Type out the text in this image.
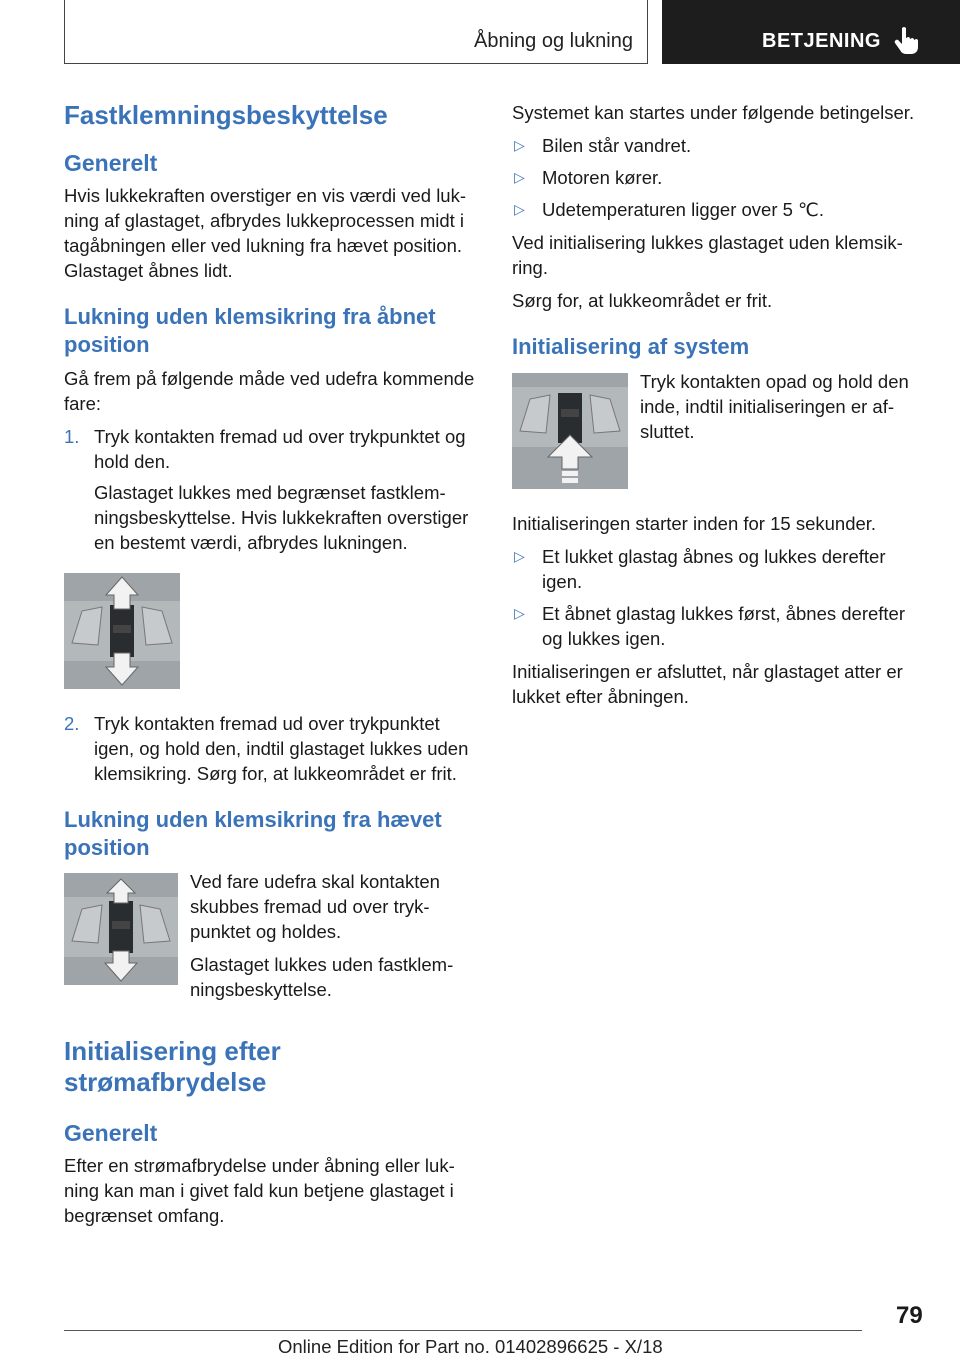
Åbning og lukning	BETJENING
Fastklemningsbeskyttelse
Generelt

Hvis lukkekraften overstiger en vis værdi ved lukning af glastaget, afbrydes lukkeprocessen midt i tagåbningen eller ved lukning fra hævet position. Glastaget åbnes lidt.

Lukning uden klemsikring fra åbnet position

Gå frem på følgende måde ved udefra kommende fare:

1. Tryk kontakten fremad ud over trykpunktet og hold den.
Glastaget lukkes med begrænset fastklemningsbeskyttelse. Hvis lukkekraften overstiger en bestemt værdi, afbrydes lukningen.
2. Tryk kontakten fremad ud over trykpunktet igen, og hold den, indtil glastaget lukkes uden klemsikring. Sørg for, at lukkeområdet er frit.
Lukning uden klemsikring fra hævet position

Ved fare udefra skal kontakten skubbes fremad ud over trykpunktet og holdes.

Glastaget lukkes uden fastklemningsbeskyttelse.

Initialisering efter strømafbrydelse
Generelt

Efter en strømafbrydelse under åbning eller lukning kan man i givet fald kun betjene glastaget i begrænset omfang.

Systemet kan startes under følgende betingelser.

▷ Bilen står vandret.
▷ Motoren kører.
▷ Udetemperaturen ligger over 5 ℃.

Ved initialisering lukkes glastaget uden klemsikring.

Sørg for, at lukkeområdet er frit.

Initialisering af system

Tryk kontakten opad og hold den inde, indtil initialiseringen er afsluttet.

Initialiseringen starter inden for 15 sekunder.

▷ Et lukket glastag åbnes og lukkes derefter igen.
▷ Et åbnet glastag lukkes først, åbnes derefter og lukkes igen.

Initialiseringen er afsluttet, når glastaget atter er lukket efter åbningen.

79
Online Edition for Part no. 01402896625 - X/18
